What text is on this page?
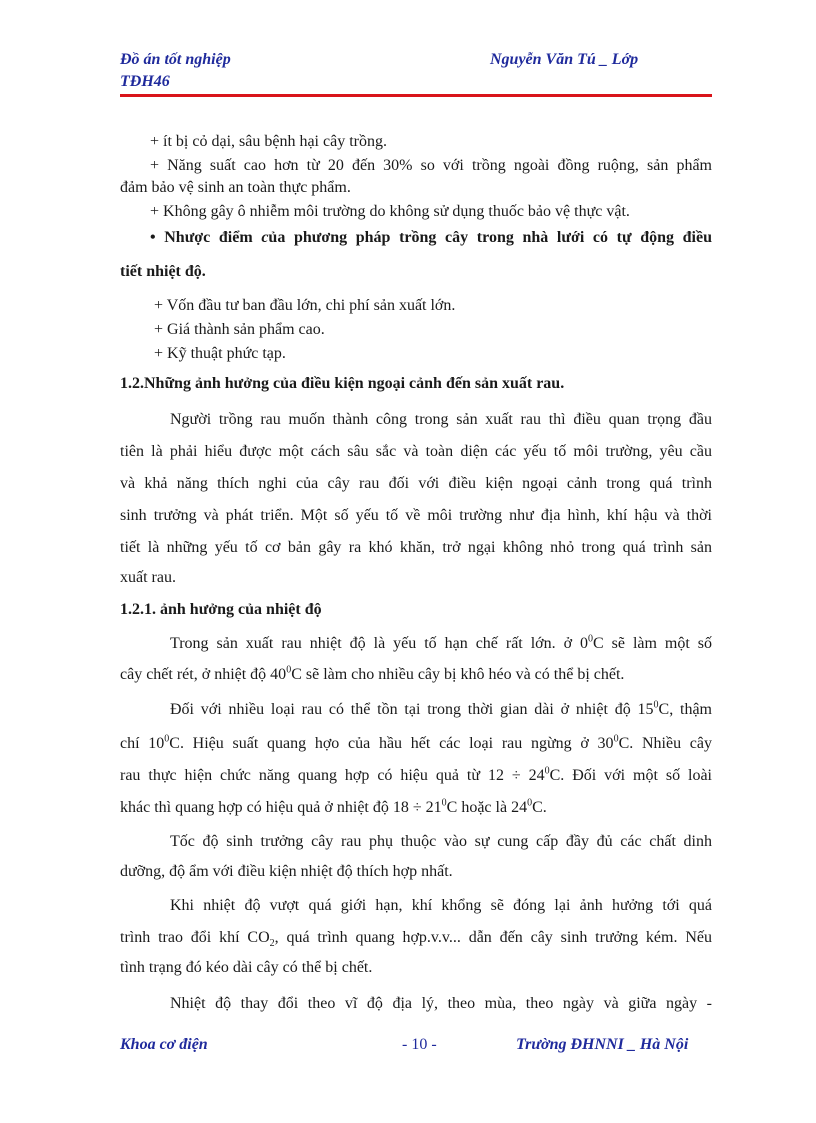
Đồ án tốt nghiệp
TĐH46
Nguyễn Văn Tú _ Lớp
+ ít bị cỏ dại, sâu bệnh hại cây trồng.
+ Năng suất cao hơn từ 20 đến 30% so với trồng ngoài đồng ruộng, sản phẩm
đảm bảo vệ sinh an toàn thực phẩm.
+ Không gây ô nhiễm môi trường do không sử dụng thuốc bảo vệ thực vật.
• Nhược điểm của phương pháp trồng cây trong nhà lưới có tự động điều
tiết nhiệt độ.
+ Vốn đầu tư ban đầu lớn, chi phí sản xuất lớn.
+ Giá thành sản phẩm cao.
+ Kỹ thuật phức tạp.
1.2.Những ảnh hưởng của điều kiện ngoại cảnh đến sản xuất rau.
Người trồng rau muốn thành công trong sản xuất rau thì điều quan trọng đầu
tiên là phải hiểu được một cách sâu sắc và toàn diện các yếu tố môi trường, yêu cầu
và khả năng thích nghi của cây rau đối với điều kiện ngoại cảnh trong quá trình
sinh trưởng và phát triển. Một số yếu tố về môi trường như địa hình, khí hậu và thời
tiết là những yếu tố cơ bản gây ra khó khăn, trở ngại không nhỏ trong quá trình sản
xuất rau.
1.2.1. ảnh hưởng của nhiệt độ
Trong sản xuất rau nhiệt độ là yếu tố hạn chế rất lớn. ở $0^0C$ sẽ làm một số
cây chết rét, ở nhiệt độ $40^0C$ sẽ làm cho nhiều cây bị khô héo và có thể bị chết.
Đối với nhiều loại rau có thể tồn tại trong thời gian dài ở nhiệt độ $15^0C$, thậm
chí $10^0C$. Hiệu suất quang hợo của hầu hết các loại rau ngừng ở $30^0C$. Nhiều cây
rau thực hiện chức năng quang hợp có hiệu quả từ $12 \div 24^0C$. Đối với một số loài
khác thì quang hợp có hiệu quả ở nhiệt độ $18 \div 21^0C$ hoặc là $24^0C$.
Tốc độ sinh trưởng cây rau phụ thuộc vào sự cung cấp đầy đủ các chất dinh
dưỡng, độ ẩm với điều kiện nhiệt độ thích hợp nhất.
Khi nhiệt độ vượt quá giới hạn, khí khổng sẽ đóng lại ảnh hưởng tới quá
trình trao đổi khí $CO_2$, quá trình quang hợp.v.v... dẫn đến cây sinh trưởng kém. Nếu
tình trạng đó kéo dài cây có thể bị chết.
Nhiệt độ thay đổi theo vĩ độ địa lý, theo mùa, theo ngày và giữa ngày -
Khoa cơ điện	- 10 -	Trường ĐHNNI _ Hà Nội
